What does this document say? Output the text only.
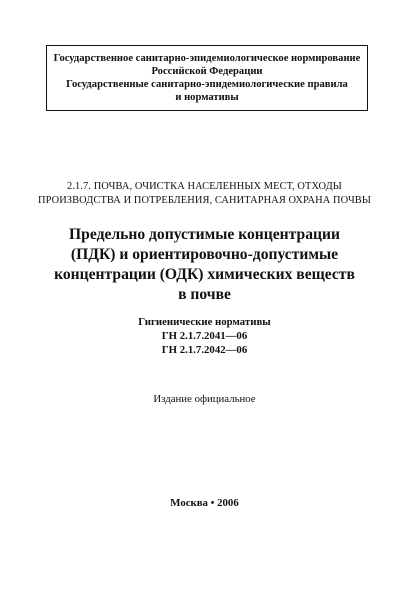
Государственное санитарно-эпидемиологическое нормирование
Российской Федерации
Государственные санитарно-эпидемиологические правила
и нормативы
2.1.7. ПОЧВА, ОЧИСТКА НАСЕЛЕННЫХ МЕСТ, ОТХОДЫ
ПРОИЗВОДСТВА И ПОТРЕБЛЕНИЯ, САНИТАРНАЯ ОХРАНА ПОЧВЫ
Предельно допустимые концентрации
(ПДК) и ориентировочно-допустимые
концентрации (ОДК) химических веществ
в почве
Гигиенические нормативы
ГН 2.1.7.2041—06
ГН 2.1.7.2042—06
Издание официальное
Москва • 2006
